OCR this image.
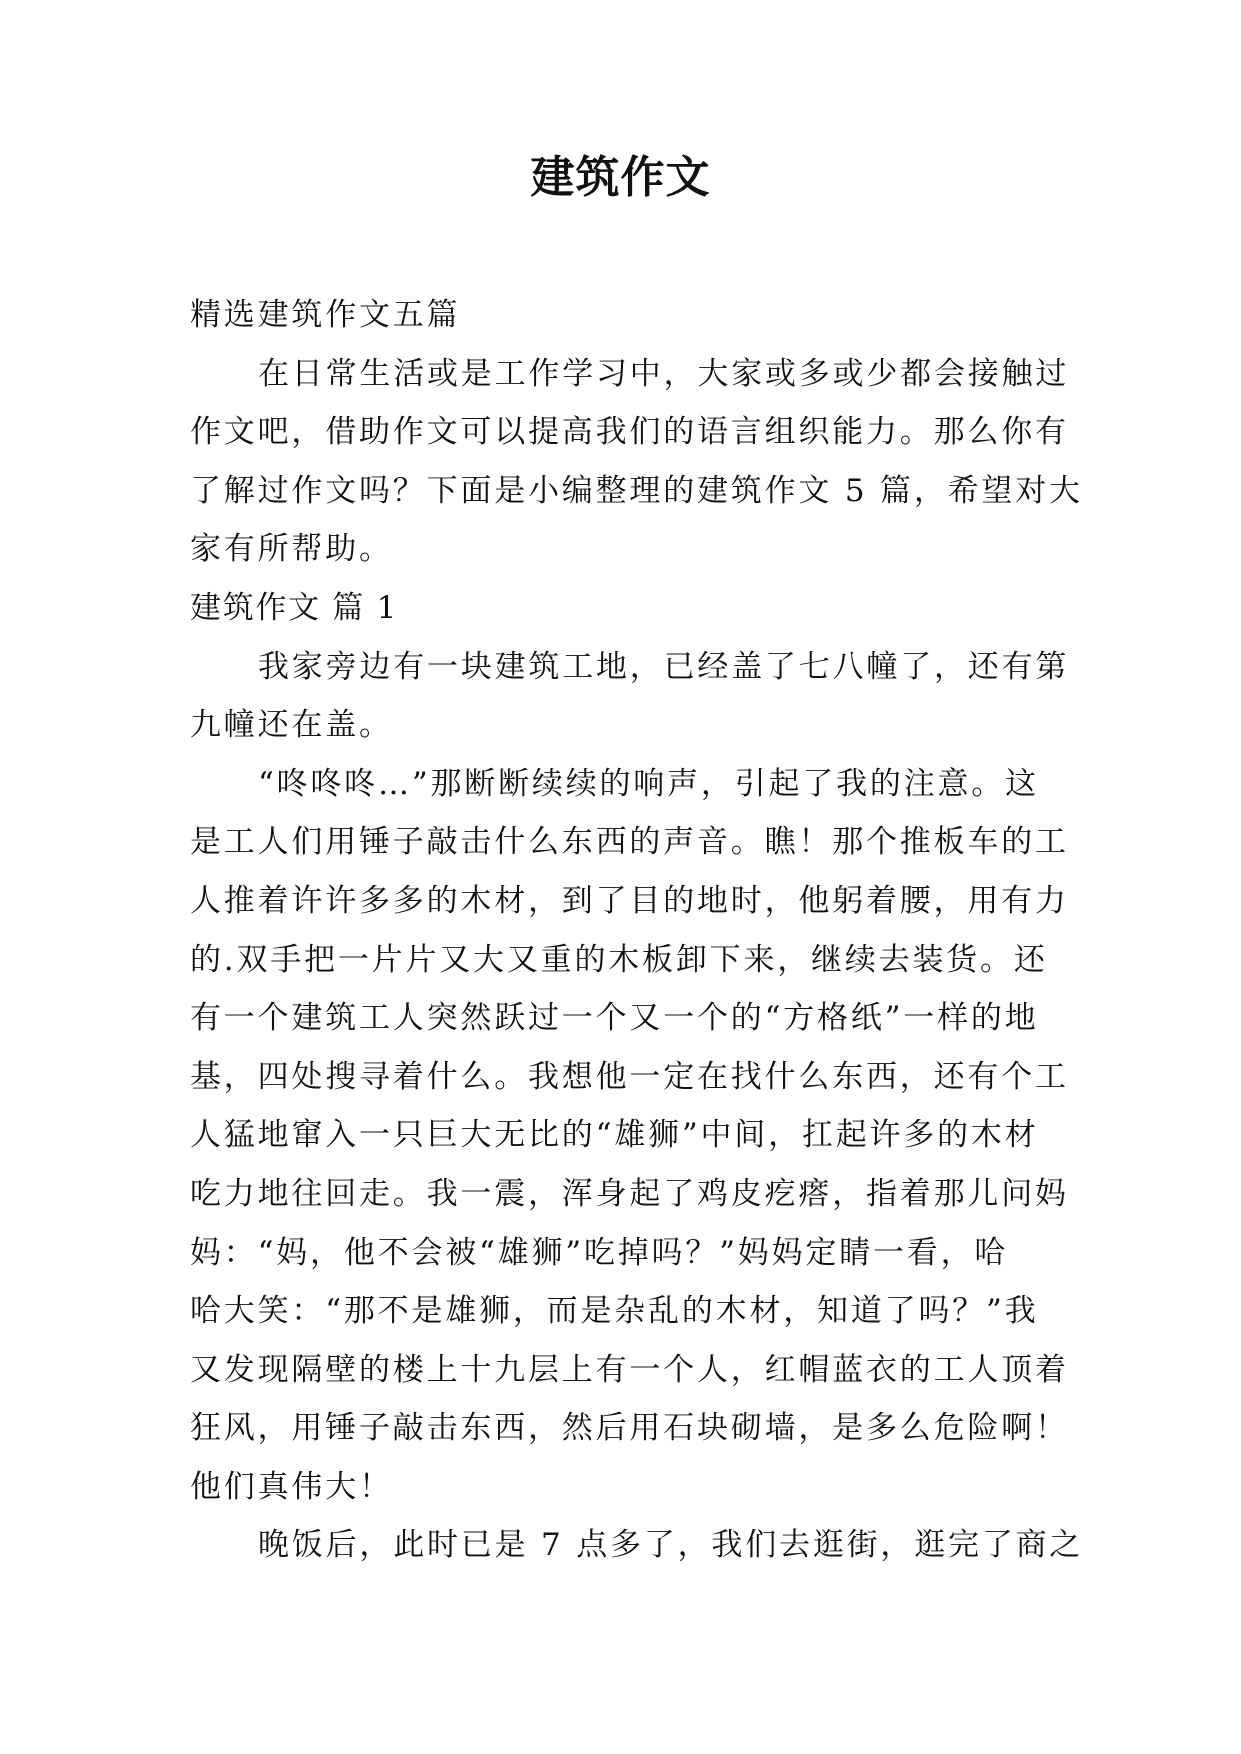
建筑作文
精选建筑作文五篇
在日常生活或是工作学习中，大家或多或少都会接触过
作文吧，借助作文可以提高我们的语言组织能力。那么你有
了解过作文吗？下面是小编整理的建筑作文 5 篇，希望对大
家有所帮助。
建筑作文 篇 1
我家旁边有一块建筑工地，已经盖了七八幢了，还有第
九幢还在盖。
“咚咚咚…”那断断续续的响声，引起了我的注意。这
是工人们用锤子敲击什么东西的声音。瞧！那个推板车的工
人推着许许多多的木材，到了目的地时，他躬着腰，用有力
的.双手把一片片又大又重的木板卸下来，继续去装货。还
有一个建筑工人突然跃过一个又一个的“方格纸”一样的地
基，四处搜寻着什么。我想他一定在找什么东西，还有个工
人猛地窜入一只巨大无比的“雄狮”中间，扛起许多的木材
吃力地往回走。我一震，浑身起了鸡皮疙瘩，指着那儿问妈
妈：“妈，他不会被“雄狮”吃掉吗？”妈妈定睛一看，哈
哈大笑：“那不是雄狮，而是杂乱的木材，知道了吗？”我
又发现隔壁的楼上十九层上有一个人，红帽蓝衣的工人顶着
狂风，用锤子敲击东西，然后用石块砌墙，是多么危险啊！
他们真伟大！
晚饭后，此时已是 7 点多了，我们去逛街，逛完了商之
